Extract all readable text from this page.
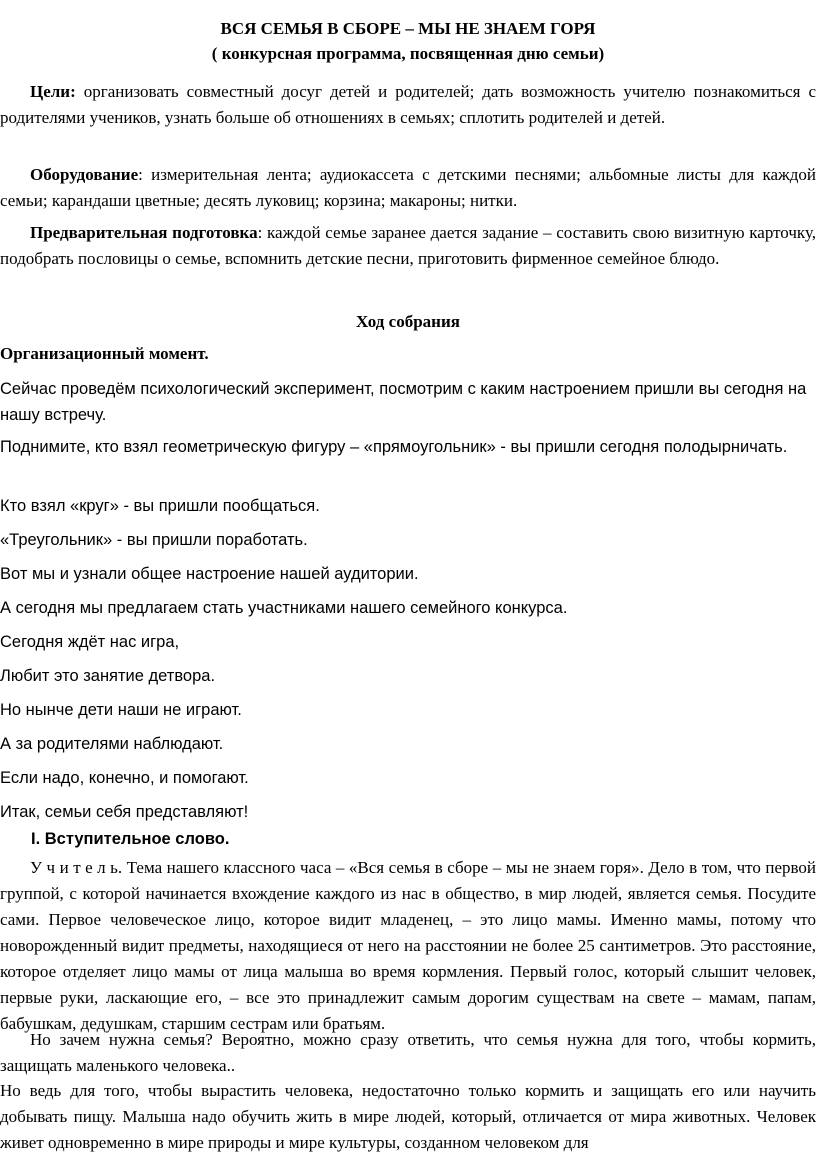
ВСЯ СЕМЬЯ В СБОРЕ – МЫ НЕ ЗНАЕМ ГОРЯ

( конкурсная программа, посвященная дню семьи)

Цели: организовать совместный досуг детей и родителей; дать возможность учителю познакомиться с родителями учеников, узнать больше об отношениях в семьях; сплотить родителей и детей.

Оборудование: измерительная лента; аудиокассета с детскими песнями; альбомные листы для каждой семьи; карандаши цветные; десять луковиц; корзина; макароны; нитки.

Предварительная подготовка: каждой семье заранее дается задание – составить свою визитную карточку, подобрать пословицы о семье, вспомнить детские песни, приготовить фирменное семейное блюдо.

Ход собрания

Организационный момент.

Сейчас проведём психологический эксперимент, посмотрим с каким настроением пришли вы сегодня на нашу встречу.

Поднимите, кто взял геометрическую фигуру – «прямоугольник» - вы пришли сегодня полодырничать.

Кто взял «круг» - вы пришли пообщаться.

«Треугольник» - вы пришли поработать.

Вот мы и узнали общее настроение нашей аудитории.

А сегодня мы предлагаем стать участниками нашего семейного конкурса.

Сегодня ждёт нас игра,

Любит это занятие детвора.

Но нынче дети наши не играют.

А за родителями наблюдают.

Если надо, конечно, и помогают.

Итак, семьи себя представляют!

I. Вступительное слово.

У ч и т е л ь. Тема нашего классного часа – «Вся семья в сборе – мы не знаем горя». Дело в том, что первой группой, с которой начинается вхождение каждого из нас в общество, в мир людей, является семья. Посудите сами. Первое человеческое лицо, которое видит младенец, – это лицо мамы. Именно мамы, потому что новорожденный видит предметы, находящиеся от него на расстоянии не более 25 сантиметров. Это расстояние, которое отделяет лицо мамы от лица малыша во время кормления. Первый голос, который слышит человек, первые руки, ласкающие его, – все это принадлежит самым дорогим существам на свете – мамам, папам, бабушкам, дедушкам, старшим сестрам или братьям.

Но зачем нужна семья? Вероятно, можно сразу ответить, что семья нужна для того, чтобы кормить, защищать маленького человека..

Но ведь для того, чтобы вырастить человека, недостаточно только кормить и защищать его или научить добывать пищу. Малыша надо обучить жить в мире людей, который, отличается от мира животных. Человек живет одновременно в мире природы и мире культуры, созданном человеком для
